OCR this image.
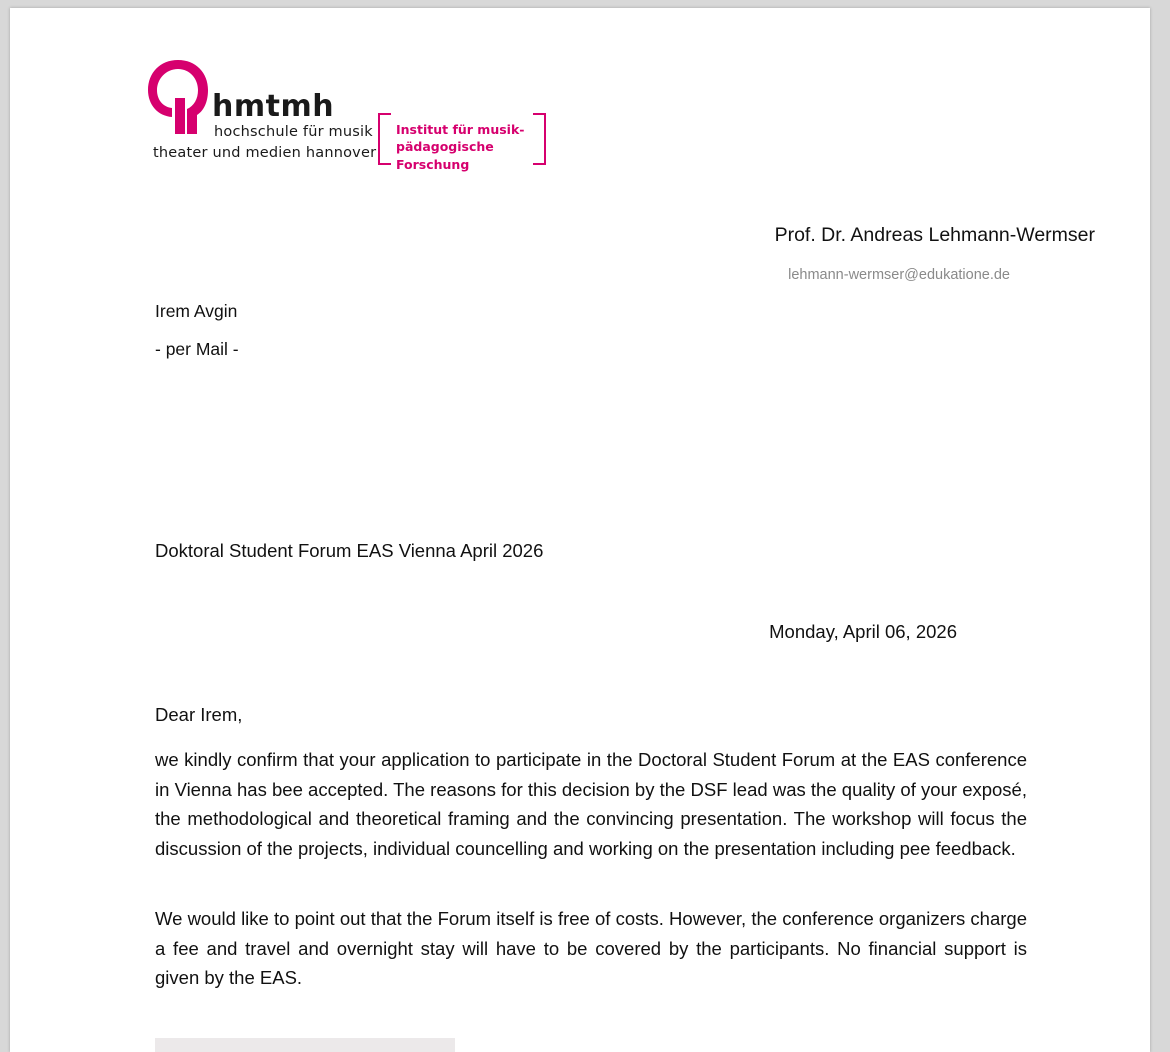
hmtmh
hochschule für musik
theater und medien hannover
Institut für musik-
pädagogische Forschung
Prof. Dr. Andreas Lehmann-Wermser
lehmann-wermser@edukatione.de
Irem Avgin
- per Mail -
Doktoral Student Forum EAS Vienna April 2026
Monday, April 06, 2026
Dear Irem,
we kindly confirm that your application to participate in the Doctoral Student Forum at the EAS conference in Vienna has bee accepted. The reasons for this decision by the DSF lead was the quality of your exposé, the methodological and theoretical framing and the convincing presentation. The workshop will focus the discussion of the projects, individual councelling and working on the presentation including pee feedback.
We would like to point out that the Forum itself is free of costs. However, the conference organizers charge a fee and travel and overnight stay will have to be covered by the participants. No financial support is given by the EAS.
